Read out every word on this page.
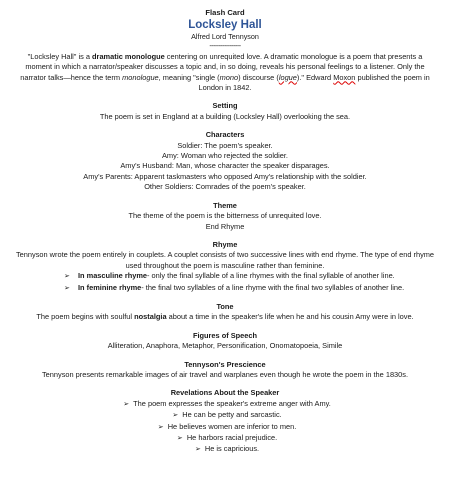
Flash Card
Locksley Hall
Alfred Lord Tennyson
-----------------
"Locksley Hall" is a dramatic monologue centering on unrequited love. A dramatic monologue is a poem that presents a moment in which a narrator/speaker discusses a topic and, in so doing, reveals his personal feelings to a listener. Only the narrator talks—hence the term monologue, meaning "single (mono) discourse (logue)." Edward Moxon published the poem in London in 1842.
Setting
The poem is set in England at a building (Locksley Hall) overlooking the sea.
Characters
Soldier: The poem's speaker.
Amy: Woman who rejected the soldier.
Amy's Husband: Man, whose character the speaker disparages.
Amy's Parents: Apparent taskmasters who opposed Amy's relationship with the soldier.
Other Soldiers: Comrades of the poem's speaker.
Theme
The theme of the poem is the bitterness of unrequited love.
End Rhyme
Rhyme
Tennyson wrote the poem entirely in couplets. A couplet consists of two successive lines with end rhyme. The type of end rhyme used throughout the poem is masculine rather than feminine.
➢ In masculine rhyme- only the final syllable of a line rhymes with the final syllable of another line.
➢ In feminine rhyme- the final two syllables of a line rhyme with the final two syllables of another line.
Tone
The poem begins with soulful nostalgia about a time in the speaker's life when he and his cousin Amy were in love.
Figures of Speech
Alliteration, Anaphora, Metaphor, Personification, Onomatopoeia, Simile
Tennyson's Prescience
Tennyson presents remarkable images of air travel and warplanes even though he wrote the poem in the 1830s.
Revelations About the Speaker
➢ The poem expresses the speaker's extreme anger with Amy.
➢ He can be petty and sarcastic.
➢ He believes women are inferior to men.
➢ He harbors racial prejudice.
➢ He is capricious.
